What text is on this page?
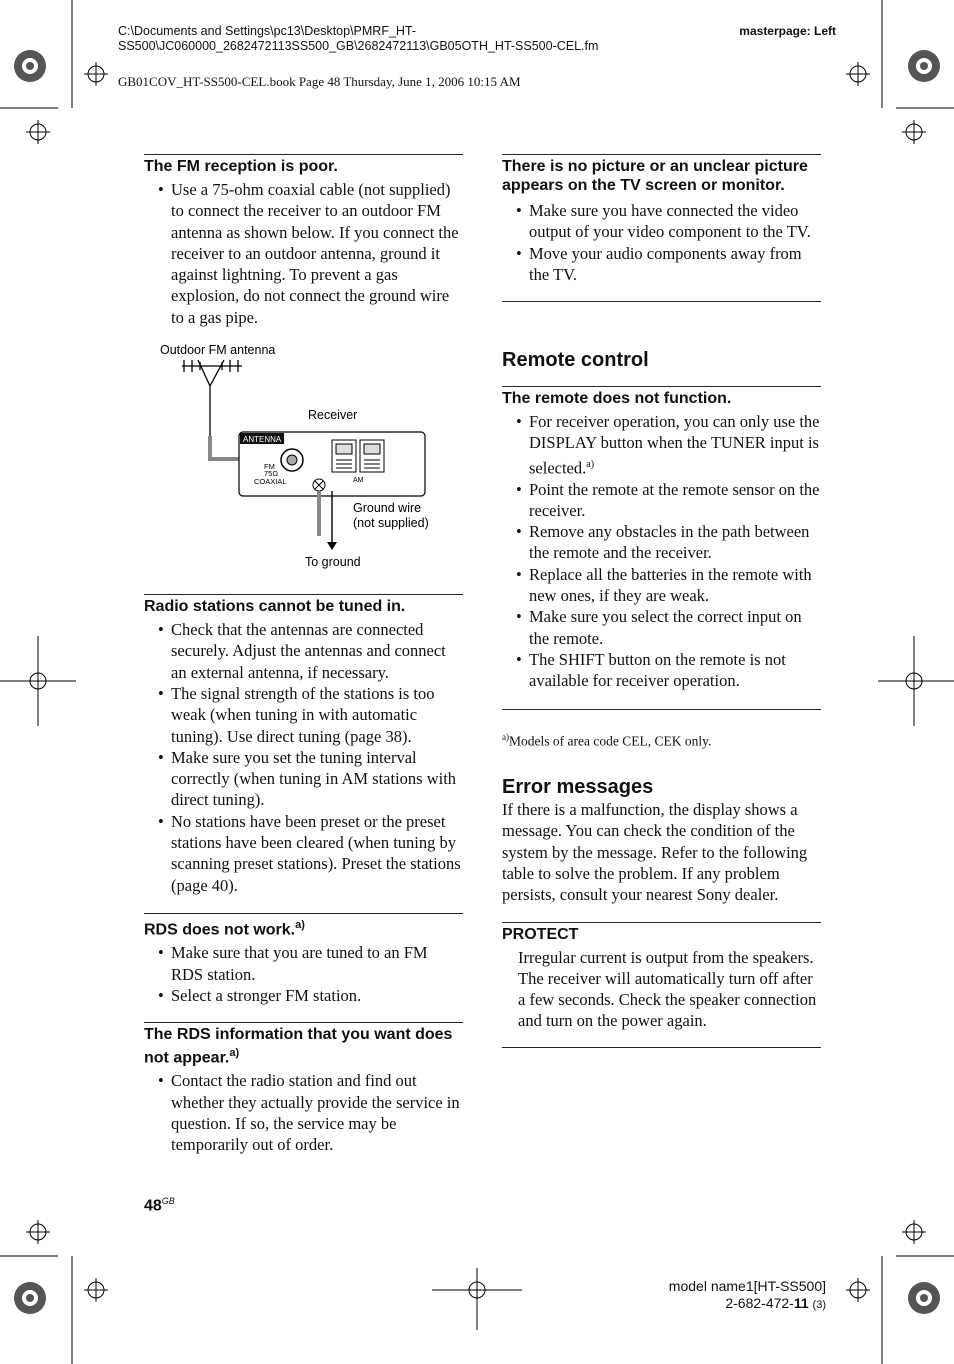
C:\Documents and Settings\pc13\Desktop\PMRF_HT-
SS500\JC060000_2682472113SS500_GB\2682472113\GB05OTH_HT-SS500-CEL.fm
masterpage: Left
GB01COV_HT-SS500-CEL.book Page 48 Thursday, June 1, 2006 10:15 AM
The FM reception is poor.
• Use a 75-ohm coaxial cable (not supplied) to connect the receiver to an outdoor FM antenna as shown below. If you connect the receiver to an outdoor antenna, ground it against lightning. To prevent a gas explosion, do not connect the ground wire to a gas pipe.
Outdoor FM antenna
Receiver
ANTENNA
FM
75Ω
COAXIAL	AM
Ground wire
(not supplied)
To ground
Radio stations cannot be tuned in.
• Check that the antennas are connected securely. Adjust the antennas and connect an external antenna, if necessary.
• The signal strength of the stations is too weak (when tuning in with automatic tuning). Use direct tuning (page 38).
• Make sure you set the tuning interval correctly (when tuning in AM stations with direct tuning).
• No stations have been preset or the preset stations have been cleared (when tuning by scanning preset stations). Preset the stations (page 40).
RDS does not work.$^{a)}$
• Make sure that you are tuned to an FM RDS station.
• Select a stronger FM station.
The RDS information that you want does not appear.$^{a)}$
• Contact the radio station and find out whether they actually provide the service in question. If so, the service may be temporarily out of order.
There is no picture or an unclear picture appears on the TV screen or monitor.
• Make sure you have connected the video output of your video component to the TV.
• Move your audio components away from the TV.
Remote control
The remote does not function.
• For receiver operation, you can only use the DISPLAY button when the TUNER input is selected.$^{a)}$
• Point the remote at the remote sensor on the receiver.
• Remove any obstacles in the path between the remote and the receiver.
• Replace all the batteries in the remote with new ones, if they are weak.
• Make sure you select the correct input on the remote.
• The SHIFT button on the remote is not available for receiver operation.
$^{a)}$Models of area code CEL, CEK only.
Error messages

If there is a malfunction, the display shows a message. You can check the condition of the system by the message. Refer to the following table to solve the problem. If any problem persists, consult your nearest Sony dealer.

PROTECT

Irregular current is output from the speakers. The receiver will automatically turn off after a few seconds. Check the speaker connection and turn on the power again.

$48^{GB}$
model name1[HT-SS500]
2-682-472-11 (3)
